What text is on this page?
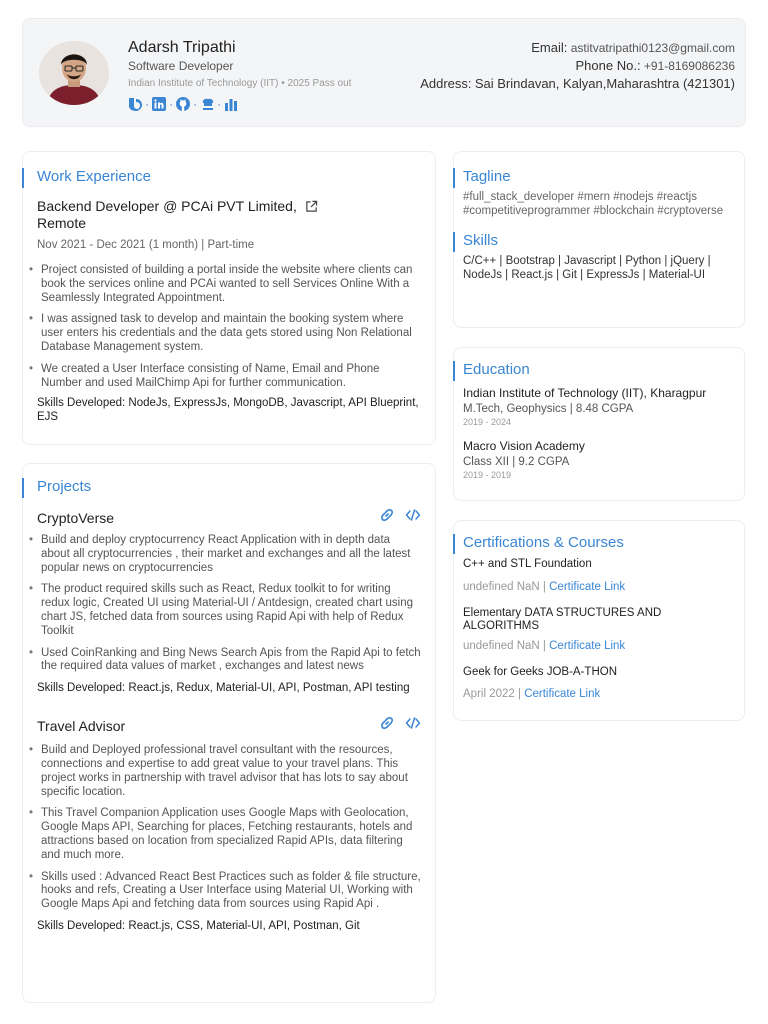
Adarsh Tripathi
Software Developer
Indian Institute of Technology (IIT) • 2025 Pass out
· · · ·
Email: astitvatripathi0123@gmail.com
Phone No.: +91-8169086236
Address: Sai Brindavan, Kalyan,Maharashtra (421301)
Work Experience
Backend Developer @ PCAi PVT Limited,
Remote
Nov 2021 - Dec 2021 (1 month) | Part-time
• Project consisted of building a portal inside the website where clients can book the services online and PCAi wanted to sell Services Online With a Seamlessly Integrated Appointment.
• I was assigned task to develop and maintain the booking system where user enters his credentials and the data gets stored using Non Relational Database Management system.
• We created a User Interface consisting of Name, Email and Phone Number and used MailChimp Api for further communication.
Skills Developed: NodeJs, ExpressJs, MongoDB, Javascript, API Blueprint, EJS
Projects
CryptoVerse
• Build and deploy cryptocurrency React Application with in depth data about all cryptocurrencies , their market and exchanges and all the latest popular news on cryptocurrencies
• The product required skills such as React, Redux toolkit to for writing redux logic, Created UI using Material-UI / Antdesign, created chart using chart JS, fetched data from sources using Rapid Api with help of Redux Toolkit
• Used CoinRanking and Bing News Search Apis from the Rapid Api to fetch the required data values of market , exchanges and latest news
Skills Developed: React.js, Redux, Material-UI, API, Postman, API testing
Travel Advisor
• Build and Deployed professional travel consultant with the resources, connections and expertise to add great value to your travel plans. This project works in partnership with travel advisor that has lots to say about specific location.
• This Travel Companion Application uses Google Maps with Geolocation, Google Maps API, Searching for places, Fetching restaurants, hotels and attractions based on location from specialized Rapid APIs, data filtering and much more.
• Skills used : Advanced React Best Practices such as folder & file structure, hooks and refs, Creating a User Interface using Material UI, Working with Google Maps Api and fetching data from sources using Rapid Api .
Skills Developed: React.js, CSS, Material-UI, API, Postman, Git
Tagline
#full_stack_developer #mern #nodejs #reactjs #competitiveprogrammer #blockchain #cryptoverse
Skills
C/C++ | Bootstrap | Javascript | Python | jQuery | NodeJs | React.js | Git | ExpressJs | Material-UI
Education
Indian Institute of Technology (IIT), Kharagpur
M.Tech, Geophysics | 8.48 CGPA
2019 - 2024
Macro Vision Academy
Class XII | 9.2 CGPA
2019 - 2019
Certifications & Courses
C++ and STL Foundation
undefined NaN | Certificate Link
Elementary DATA STRUCTURES AND ALGORITHMS
undefined NaN | Certificate Link
Geek for Geeks JOB-A-THON
April 2022 | Certificate Link
